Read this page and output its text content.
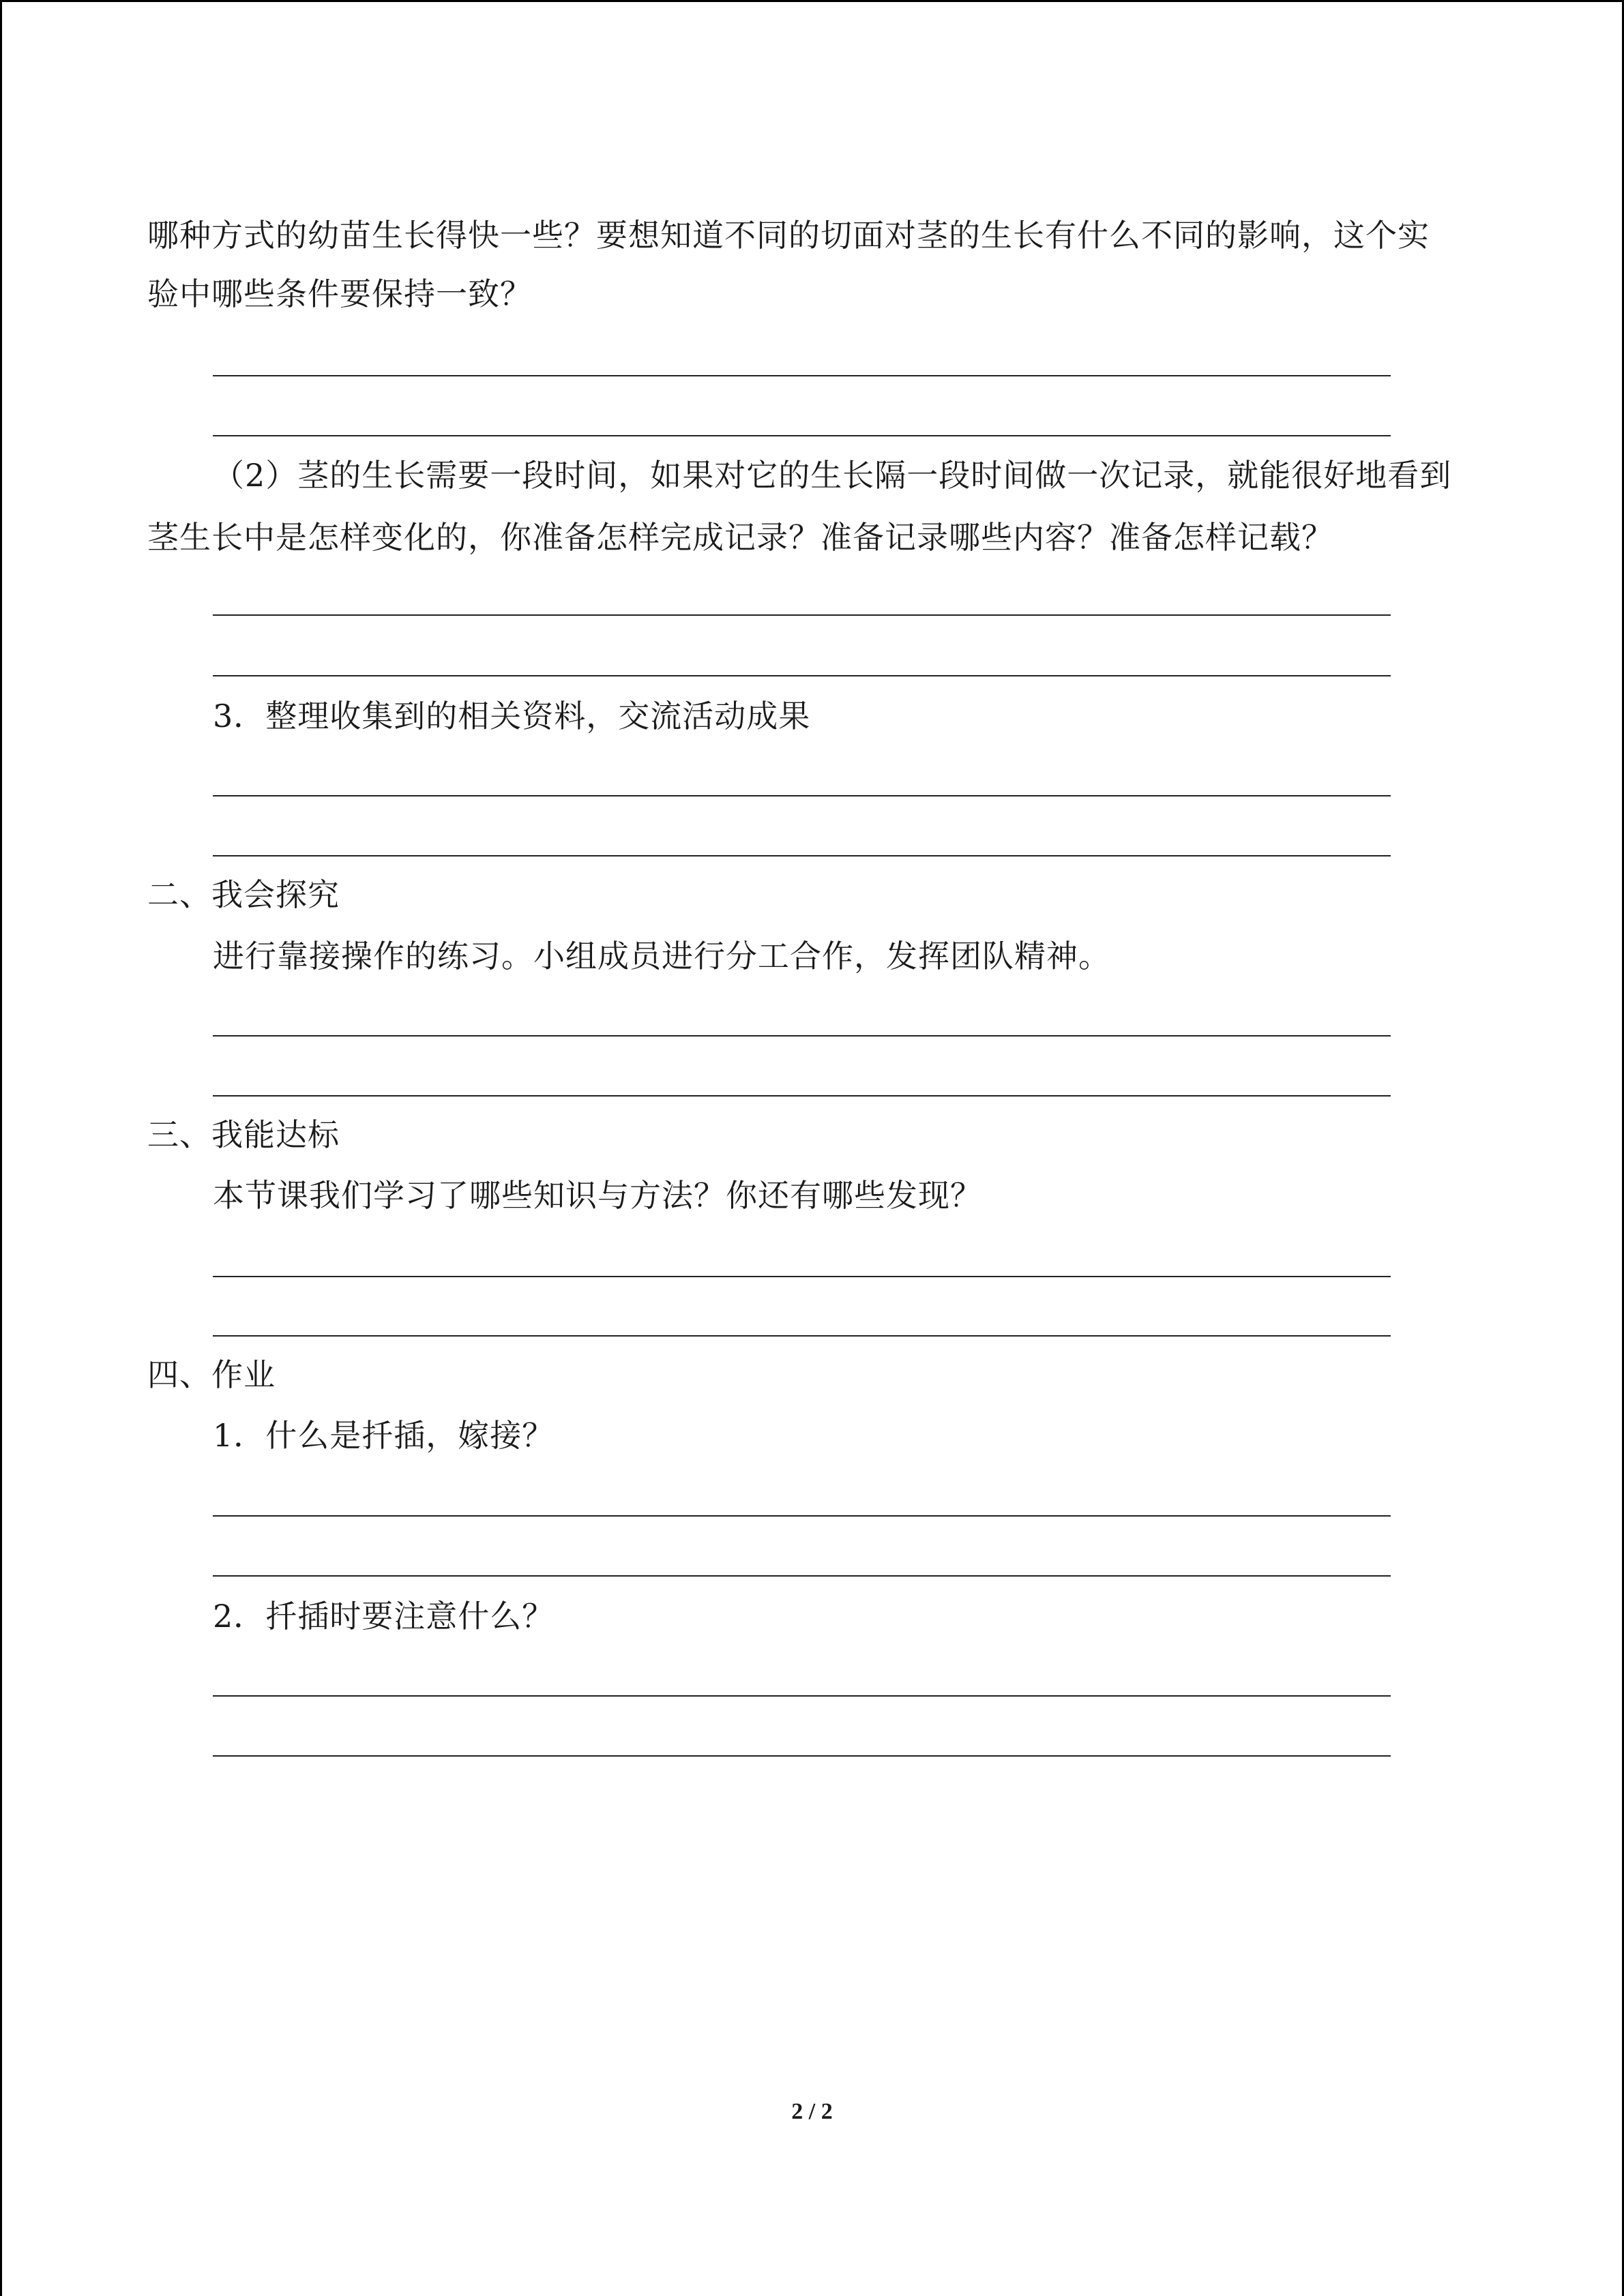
哪种方式的幼苗生长得快一些？要想知道不同的切面对茎的生长有什么不同的影响，这个实
验中哪些条件要保持一致？
（2）茎的生长需要一段时间，如果对它的生长隔一段时间做一次记录，就能很好地看到
茎生长中是怎样变化的，你准备怎样完成记录？准备记录哪些内容？准备怎样记载？
3．整理收集到的相关资料，交流活动成果
二、我会探究
进行靠接操作的练习。小组成员进行分工合作，发挥团队精神。
三、我能达标
本节课我们学习了哪些知识与方法？你还有哪些发现？
四、作业
1．什么是扦插，嫁接？
2．扦插时要注意什么？
2 / 2
